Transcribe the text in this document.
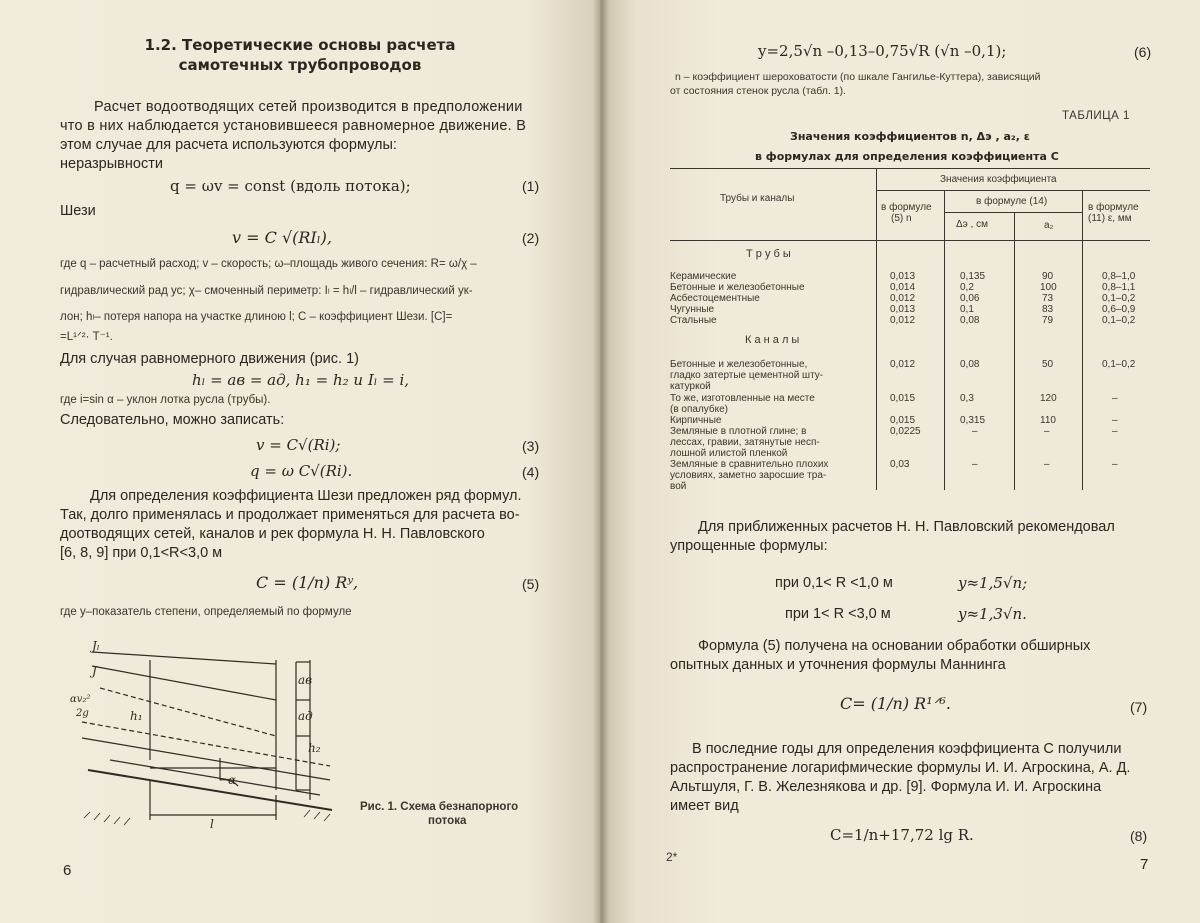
1.2. Теоретические основы расчета
самотечных трубопроводов
Расчет водоотводящих сетей производится в предположении
что в них наблюдается установившееся равномерное движение. В
этом случае для расчета используются формулы:
неразрывности
q = ωv = const (вдоль потока);	(1)
Шези
v = C √(RIₗ),	(2)
где q – расчетный расход; v – скорость; ω–площадь живого сечения: R= ω/χ –
гидравлический рад ус; χ– смоченный периметр: Iₗ = hₗ/l – гидравлический ук-
лон; hₗ– потеря напора на участке длиною l; C – коэффициент Шези. [C]=
=L¹ᐟ²· T⁻¹.
Для случая равномерного движения (рис. 1)
hₗ = aв = aд, h₁ = h₂ и Iₗ = i,
где i=sin α – уклон лотка русла (трубы).
Следовательно, можно записать:
v = C√(Ri);	(3)
q = ω C√(Ri).	(4)
Для определения коэффициента Шези предложен ряд формул.
Так, долго применялась и продолжает применяться для расчета во-
доотводящих сетей, каналов и рек формула Н. Н. Павловского
[6, 8, 9] при 0,1<R<3,0 м
C = (1/n) Rʸ,	(5)
где y–показатель степени, определяемый по формуле
Jₗ
J
h₁
h₂
aв
aд
α
l
αv₂²
2g
Рис. 1. Схема безнапорного
потока
6
y=2,5√n –0,13–0,75√R (√n –0,1);	(6)
n – коэффициент шероховатости (по шкале Гангилье-Куттера), зависящий
от состояния стенок русла (табл. 1).
ТАБЛИЦА 1
Значения коэффициентов n, Δэ , a₂, ε
в формулах для определения коэффициента C
Трубы и каналы
Значения коэффициента
в формуле
(5) n
в формуле (14)
Δэ , см	a₂
в формуле
(11) ε, мм
Т р у б ы
К а н а л ы
Керамические	0,013	0,135	90	0,8–1,0
Бетонные и железобетонные	0,014	0,2	100	0,8–1,1
Асбестоцементные	0,012	0,06	73	0,1–0,2
Чугунные	0,013	0,1	83	0,6–0,9
Стальные	0,012	0,08	79	0,1–0,2
Бетонные и железобетонные,
гладко затертые цементной шту-
катуркой
0,012	0,08	50	0,1–0,2
То же, изготовленные на месте
(в опалубке)
0,015	0,3	120	–
Кирпичные	0,015	0,315	110	–
Земляные в плотной глине; в
лессах, гравии, затянутые несп-
лошной илистой пленкой
0,0225	–	–	–
Земляные в сравнительно плохих
условиях, заметно заросшие тра-
вой
0,03	–	–	–
Для приближенных расчетов Н. Н. Павловский рекомендовал
упрощенные формулы:
при 0,1< R <1,0 м	y≈1,5√n;
при 1< R <3,0 м	y≈1,3√n.
Формула (5) получена на основании обработки обширных
опытных данных и уточнения формулы Маннинга
C= (1/n) R¹ᐟ⁶.	(7)
В последние годы для определения коэффициента C получили
распространение логарифмические формулы И. И. Агроскина, А. Д.
Альтшуля, Г. В. Железнякова и др. [9]. Формула И. И. Агроскина
имеет вид
C=1/n+17,72 lg R.	(8)
2*	7
